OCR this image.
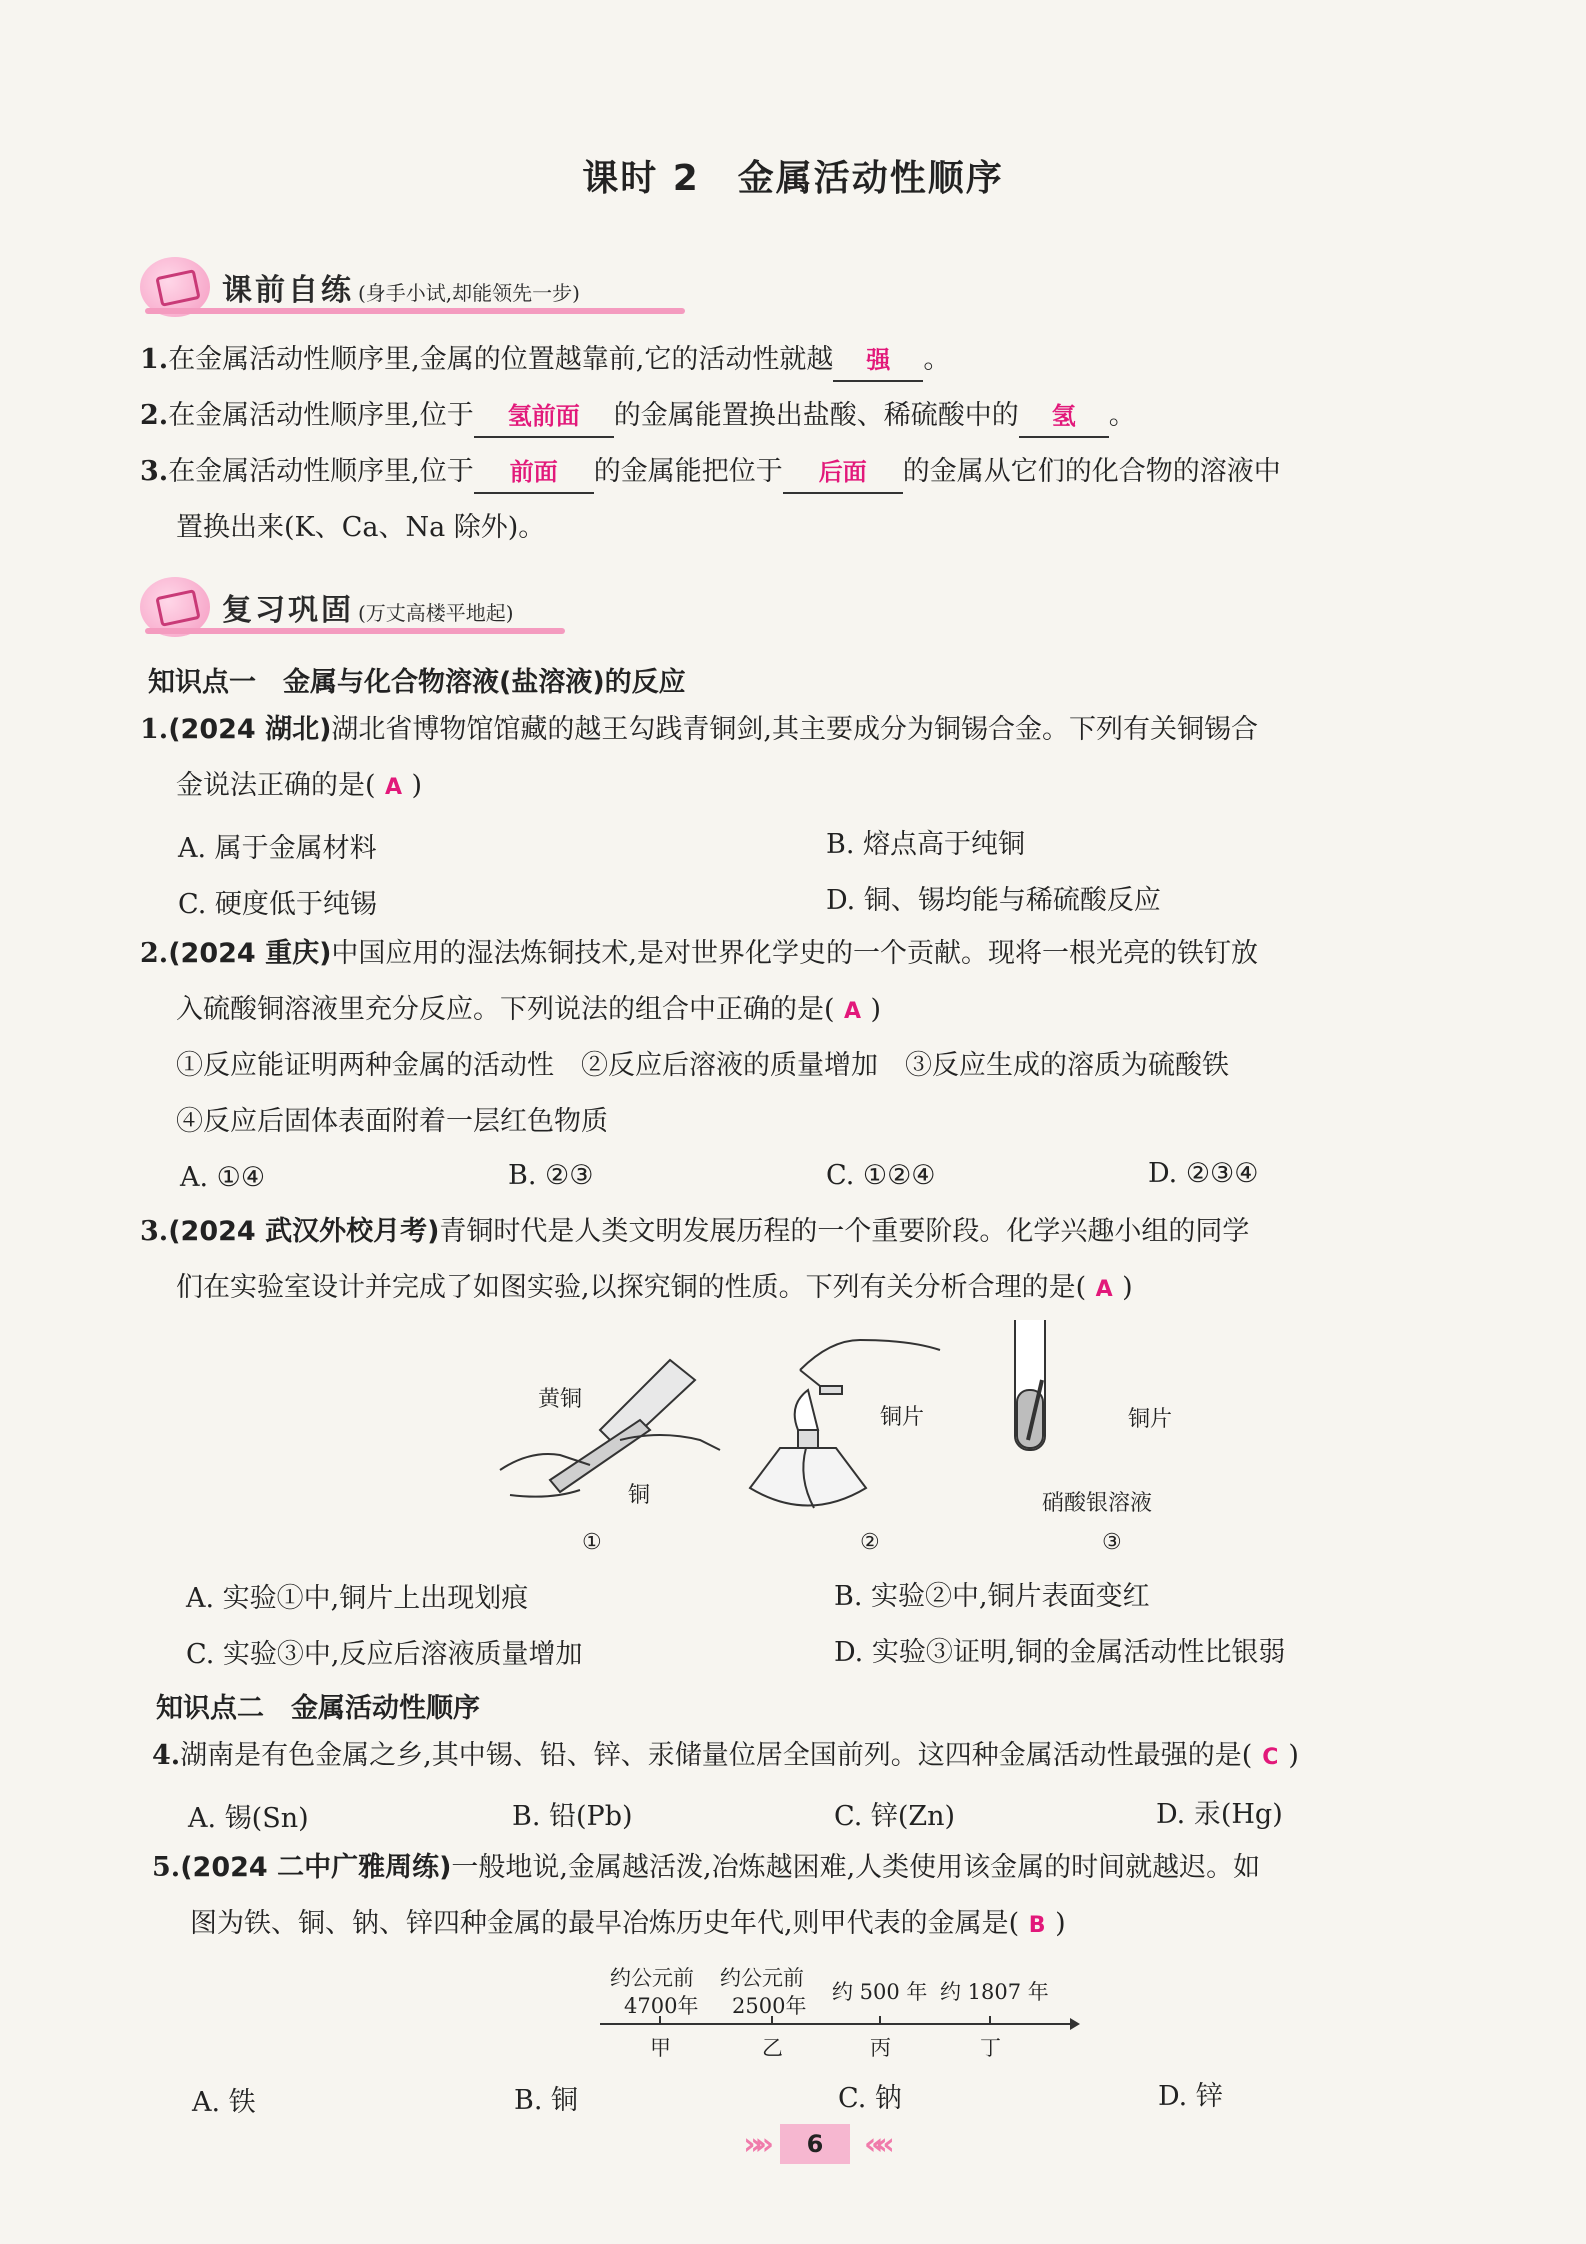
课时 2　金属活动性顺序
课前自练 (身手小试,却能领先一步)
1.在金属活动性顺序里,金属的位置越靠前,它的活动性就越 强 。
2.在金属活动性顺序里,位于 氢前面 的金属能置换出盐酸、稀硫酸中的 氢 。
3.在金属活动性顺序里,位于 前面 的金属能把位于 后面 的金属从它们的化合物的溶液中
置换出来(K、Ca、Na 除外)。
复习巩固 (万丈高楼平地起)
知识点一　金属与化合物溶液(盐溶液)的反应
1.(2024 湖北)湖北省博物馆馆藏的越王勾践青铜剑,其主要成分为铜锡合金。下列有关铜锡合
金说法正确的是( A )
A. 属于金属材料	B. 熔点高于纯铜
C. 硬度低于纯锡	D. 铜、锡均能与稀硫酸反应
2.(2024 重庆)中国应用的湿法炼铜技术,是对世界化学史的一个贡献。现将一根光亮的铁钉放
入硫酸铜溶液里充分反应。下列说法的组合中正确的是( A )
①反应能证明两种金属的活动性　②反应后溶液的质量增加　③反应生成的溶质为硫酸铁
④反应后固体表面附着一层红色物质
A. ①④	B. ②③	C. ①②④	D. ②③④
3.(2024 武汉外校月考)青铜时代是人类文明发展历程的一个重要阶段。化学兴趣小组的同学
们在实验室设计并完成了如图实验,以探究铜的性质。下列有关分析合理的是( A )
黄铜
铜
铜片	铜片
硝酸银溶液
①	②	③
A. 实验①中,铜片上出现划痕	B. 实验②中,铜片表面变红
C. 实验③中,反应后溶液质量增加	D. 实验③证明,铜的金属活动性比银弱
知识点二　金属活动性顺序
4.湖南是有色金属之乡,其中锡、铅、锌、汞储量位居全国前列。这四种金属活动性最强的是( C )
A. 锡(Sn)	B. 铅(Pb)	C. 锌(Zn)	D. 汞(Hg)
5.(2024 二中广雅周练)一般地说,金属越活泼,冶炼越困难,人类使用该金属的时间就越迟。如
图为铁、铜、钠、锌四种金属的最早冶炼历史年代,则甲代表的金属是( B )
约公元前
4700年
约公元前
2500年
约 500 年 约 1807 年
甲	乙	丙	丁
A. 铁	B. 铜	C. 钠	D. 锌
»»	6	««
